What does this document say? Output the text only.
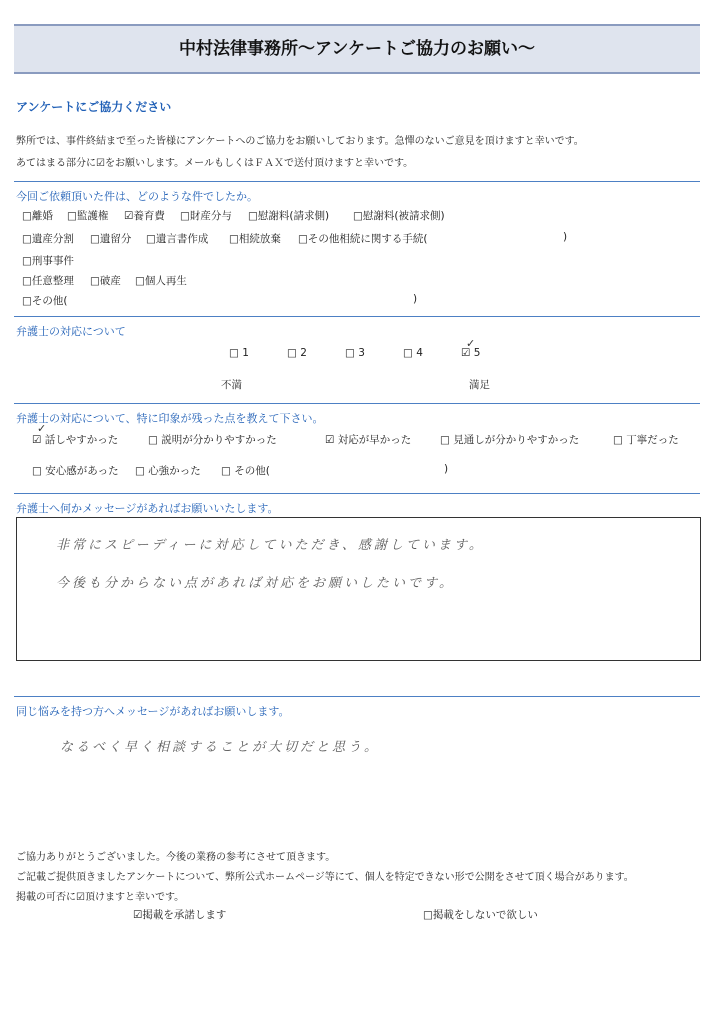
中村法律事務所～アンケートご協力のお願い～
アンケートにご協力ください
弊所では、事件終結まで至った皆様にアンケートへのご協力をお願いしております。急憚のないご意見を頂けますと幸いです。
あてはまる部分に☑をお願いします。メールもしくはＦＡＸで送付頂けますと幸いです。
今回ご依頼頂いた件は、どのような件でしたか。
□離婚 □監護権 ☑養育費 □財産分与 □慰謝料(請求側) □慰謝料(被請求側)
□遺産分割 □遺留分 □遺言書作成 □相続放棄 □その他相続に関する手続(	)
□刑事事件
□任意整理 □破産 □個人再生
□その他(	)
弁護士の対応について
□ 1	□ 2	□ 3	□ 4	☑ 5
✓
不満	満足
弁護士の対応について、特に印象が残った点を教えて下さい。
☑ 話しやすかった
✓
□ 説明が分かりやすかった	☑ 対応が早かった	□ 見通しが分かりやすかった	□ 丁寧だった
□ 安心感があった □ 心強かった □ その他(	)
弁護士へ何かメッセージがあればお願いいたします。
非常にスピーディーに対応していただき、感謝しています。
今後も分からない点があれば対応をお願いしたいです。
同じ悩みを持つ方へメッセージがあればお願いします。
なるべく早く相談することが大切だと思う。
ご協力ありがとうございました。今後の業務の参考にさせて頂きます。
ご記載ご提供頂きましたアンケートについて、弊所公式ホームページ等にて、個人を特定できない形で公開をさせて頂く場合があります。
掲載の可否に☑頂けますと幸いです。
☑掲載を承諾します	□掲載をしないで欲しい
